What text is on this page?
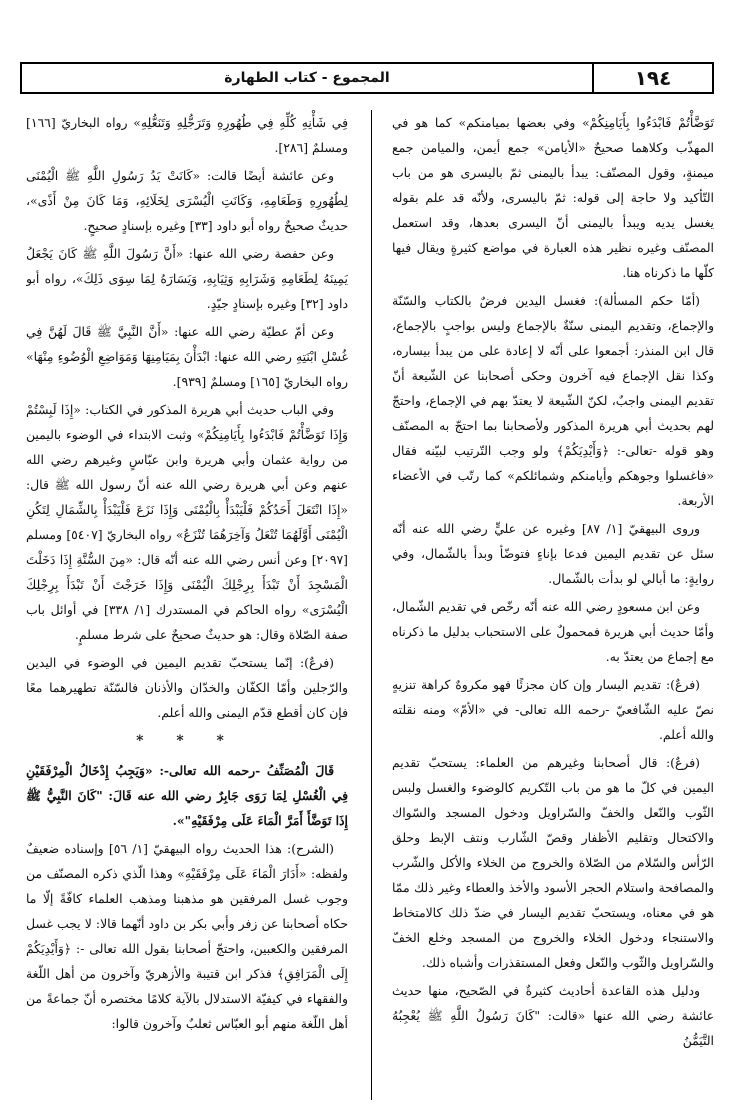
المجموع - كتاب الطهارة	١٩٤

تَوَضَّأْتُمْ فَابْدَءُوا بِأَيَامِنِكُمْ» وفي بعضها بميامنكم» كما هو في المهذّب وكلاهما صحيحٌ «الأيامن» جمع أيمن، والميامن جمع ميمنةٍ، وقول المصنّف: يبدأ باليمنى ثمّ باليسرى هو من باب التّأكيد ولا حاجة إلى قوله: ثمّ باليسرى، ولأنّه قد علم بقوله يغسل يديه ويبدأ باليمنى أنّ اليسرى بعدها، وقد استعمل المصنّف وغيره نظير هذه العبارة في مواضع كثيرةٍ ويقال فيها كلّها ما ذكرناه هنا.

(أمّا حكم المسألة): فغسل اليدين فرضٌ بالكتاب والسّنّة والإجماع، وتقديم اليمنى سنّةٌ بالإجماع وليس بواجبٍ بالإجماع، قال ابن المنذر: أجمعوا على أنّه لا إعادة على من يبدأ بيساره، وكذا نقل الإجماع فيه آخرون وحكى أصحابنا عن الشّيعة أنّ تقديم اليمنى واجبٌ، لكنّ الشّيعة لا يعتدّ بهم في الإجماع، واحتجّ لهم بحديث أبي هريرة المذكور ولأصحابنا بما احتجّ به المصنّف وهو قوله -تعالى-: ﴿وَأَيْدِيَكُمْ﴾ ولو وجب التّرتيب لبيّنه فقال «فاغسلوا وجوهكم وأيامنكم وشمائلكم» كما رتّب في الأعضاء الأربعة.

وروى البيهقيّ [١/ ٨٧] وغيره عن عليٍّ رضي الله عنه أنّه سئل عن تقديم اليمين فدعا بإناءٍ فتوضّأ وبدأ بالشّمال، وفي روايةٍ: ما أبالي لو بدأت بالشّمال.

وعن ابن مسعودٍ رضي الله عنه أنّه رخّص في تقديم الشّمال، وأمّا حديث أبي هريرة فمحمولٌ على الاستحباب بدليل ما ذكرناه مع إجماع من يعتدّ به.

(فرعٌ): تقديم اليسار وإن كان مجزئًا فهو مكروهٌ كراهة تنزيهٍ نصّ عليه الشّافعيّ -رحمه الله تعالى- في «الأمّ» ومنه نقلته والله أعلم.

(فرعٌ): قال أصحابنا وغيرهم من العلماء: يستحبّ تقديم اليمين في كلّ ما هو من باب التّكريم كالوضوء والغسل ولبس الثّوب والنّعل والخفّ والسّراويل ودخول المسجد والسّواك والاكتحال وتقليم الأظفار وقصّ الشّارب ونتف الإبط وحلق الرّأس والسّلام من الصّلاة والخروج من الخلاء والأكل والشّرب والمصافحة واستلام الحجر الأسود والأخذ والعطاء وغير ذلك ممّا هو في معناه، ويستحبّ تقديم اليسار في ضدّ ذلك كالامتخاط والاستنجاء ودخول الخلاء والخروج من المسجد وخلع الخفّ والسّراويل والثّوب والنّعل وفعل المستقذرات وأشباه ذلك.

ودليل هذه القاعدة أحاديث كثيرةٌ في الصّحيح، منها حديث عائشة رضي الله عنها «قالت: "كَانَ رَسُولُ اللَّهِ ﷺ يُعْجِبُهُ التَّيَمُّنُ

فِي شَأْنِهِ كُلِّهِ فِي طُهُورِهِ وَتَرَجُّلِهِ وَتَنَعُّلِهِ» رواه البخاريّ [١٦٦] ومسلمٌ [٢٨٦].

وعن عائشة أيضًا قالت: «كَانَتْ يَدُ رَسُولِ اللَّهِ ﷺ الْيُمْنَى لِطُهُورِهِ وَطَعَامِهِ، وَكَانَتِ الْيُسْرَى لِخَلَائِهِ، وَمَا كَانَ مِنْ أَذًى»، حديثٌ صحيحٌ رواه أبو داود [٣٣] وغيره بإسنادٍ صحيحٍ.

وعن حفصة رضي الله عنها: «أَنَّ رَسُولَ اللَّهِ ﷺ كَانَ يَجْعَلُ يَمِينَهُ لِطَعَامِهِ وَشَرَابِهِ وَثِيَابِهِ، وَيَسَارَهُ لِمَا سِوَى ذَلِكَ»، رواه أبو داود [٣٢] وغيره بإسنادٍ جيّدٍ.

وعن أمّ عطيّة رضي الله عنها: «أَنَّ النَّبِيَّ ﷺ قَالَ لَهُنَّ فِي غُسْلِ ابْنَتِهِ رضي الله عنها: ابْدَأْنَ بِمَيَامِنِهَا وَمَوَاضِعِ الْوُضُوءِ مِنْهَا» رواه البخاريّ [١٦٥] ومسلمٌ [٩٣٩].

وفي الباب حديث أبي هريرة المذكور في الكتاب: «إِذَا لَبِسْتُمْ وَإِذَا تَوَضَّأْتُمْ فَابْدَءُوا بِأَيَامِنِكُمْ» وثبت الابتداء في الوضوء باليمين من رواية عثمان وأبي هريرة وابن عبّاسٍ وغيرهم رضي الله عنهم وعن أبي هريرة رضي الله عنه أنّ رسول الله ﷺ قال: «إِذَا انْتَعَلَ أَحَدُكُمْ فَلْيَبْدَأْ بِالْيُمْنَى وَإِذَا نَزَعَ فَلْيَبْدَأْ بِالشِّمَالِ لِتَكُنِ الْيُمْنَى أَوَّلَهُمَا تُنْعَلُ وَآخِرَهُمَا تُنْزَعُ» رواه البخاريّ [٥٤٠٧] ومسلم [٢٠٩٧] وعن أنس رضي الله عنه أنّه قال: «مِنَ السُّنَّةِ إِذَا دَخَلْتَ الْمَسْجِدَ أَنْ تَبْدَأَ بِرِجْلِكَ الْيُمْنَى وَإِذَا خَرَجْتَ أَنْ تَبْدَأَ بِرِجْلِكَ الْيُسْرَى» رواه الحاكم في المستدرك [١/ ٣٣٨] في أوائل باب صفة الصّلاة وقال: هو حديثٌ صحيحٌ على شرط مسلمٍ.

(فرعٌ): إنّما يستحبّ تقديم اليمين في الوضوء في اليدين والرّجلين وأمّا الكفّان والخدّان والأذنان فالسّنّة تطهيرهما معًا فإن كان أقطع قدّم اليمنى والله أعلم.

* * *

قَالَ الْمُصَنِّفُ -رحمه الله تعالى-: «وَيَجِبُ إِدْخَالُ الْمِرْفَقَيْنِ فِي الْغُسْلِ لِمَا رَوَى جَابِرٌ رضي الله عنه قَالَ: "كَانَ النَّبِيُّ ﷺ إِذَا تَوَضَّأَ أَمَرَّ الْمَاءَ عَلَى مِرْفَقَيْهِ"».

(الشرح): هذا الحديث رواه البيهقيّ [١/ ٥٦] وإسناده ضعيفٌ ولفظه: «أَدَارَ الْمَاءَ عَلَى مِرْفَقَيْهِ» وهذا الّذي ذكره المصنّف من وجوب غسل المرفقين هو مذهبنا ومذهب العلماء كافّةً إلّا ما حكاه أصحابنا عن زفر وأبي بكر بن داود أنّهما قالا: لا يجب غسل المرفقين والكعبين، واحتجّ أصحابنا بقول الله تعالى -: ﴿وَأَيْدِيَكُمْ إِلَى الْمَرَافِقِ﴾ فذكر ابن قتيبة والأزهريّ وآخرون من أهل اللّغة والفقهاء في كيفيّة الاستدلال بالآية كلامًا مختصره أنّ جماعةً من أهل اللّغة منهم أبو العبّاس ثعلبٌ وآخرون قالوا:
